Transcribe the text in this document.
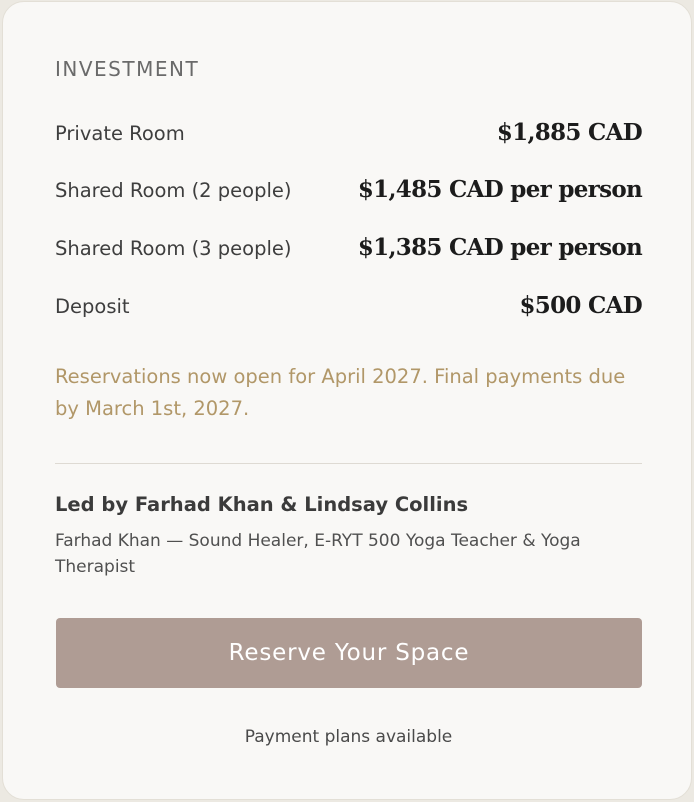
INVESTMENT
Private Room	$1,885 CAD
Shared Room (2 people)	$1,485 CAD per person
Shared Room (3 people)	$1,385 CAD per person
Deposit	$500 CAD
Reservations now open for April 2027. Final payments due by March 1st, 2027.
Led by Farhad Khan & Lindsay Collins
Farhad Khan — Sound Healer, E-RYT 500 Yoga Teacher & Yoga Therapist
Reserve Your Space
Payment plans available
